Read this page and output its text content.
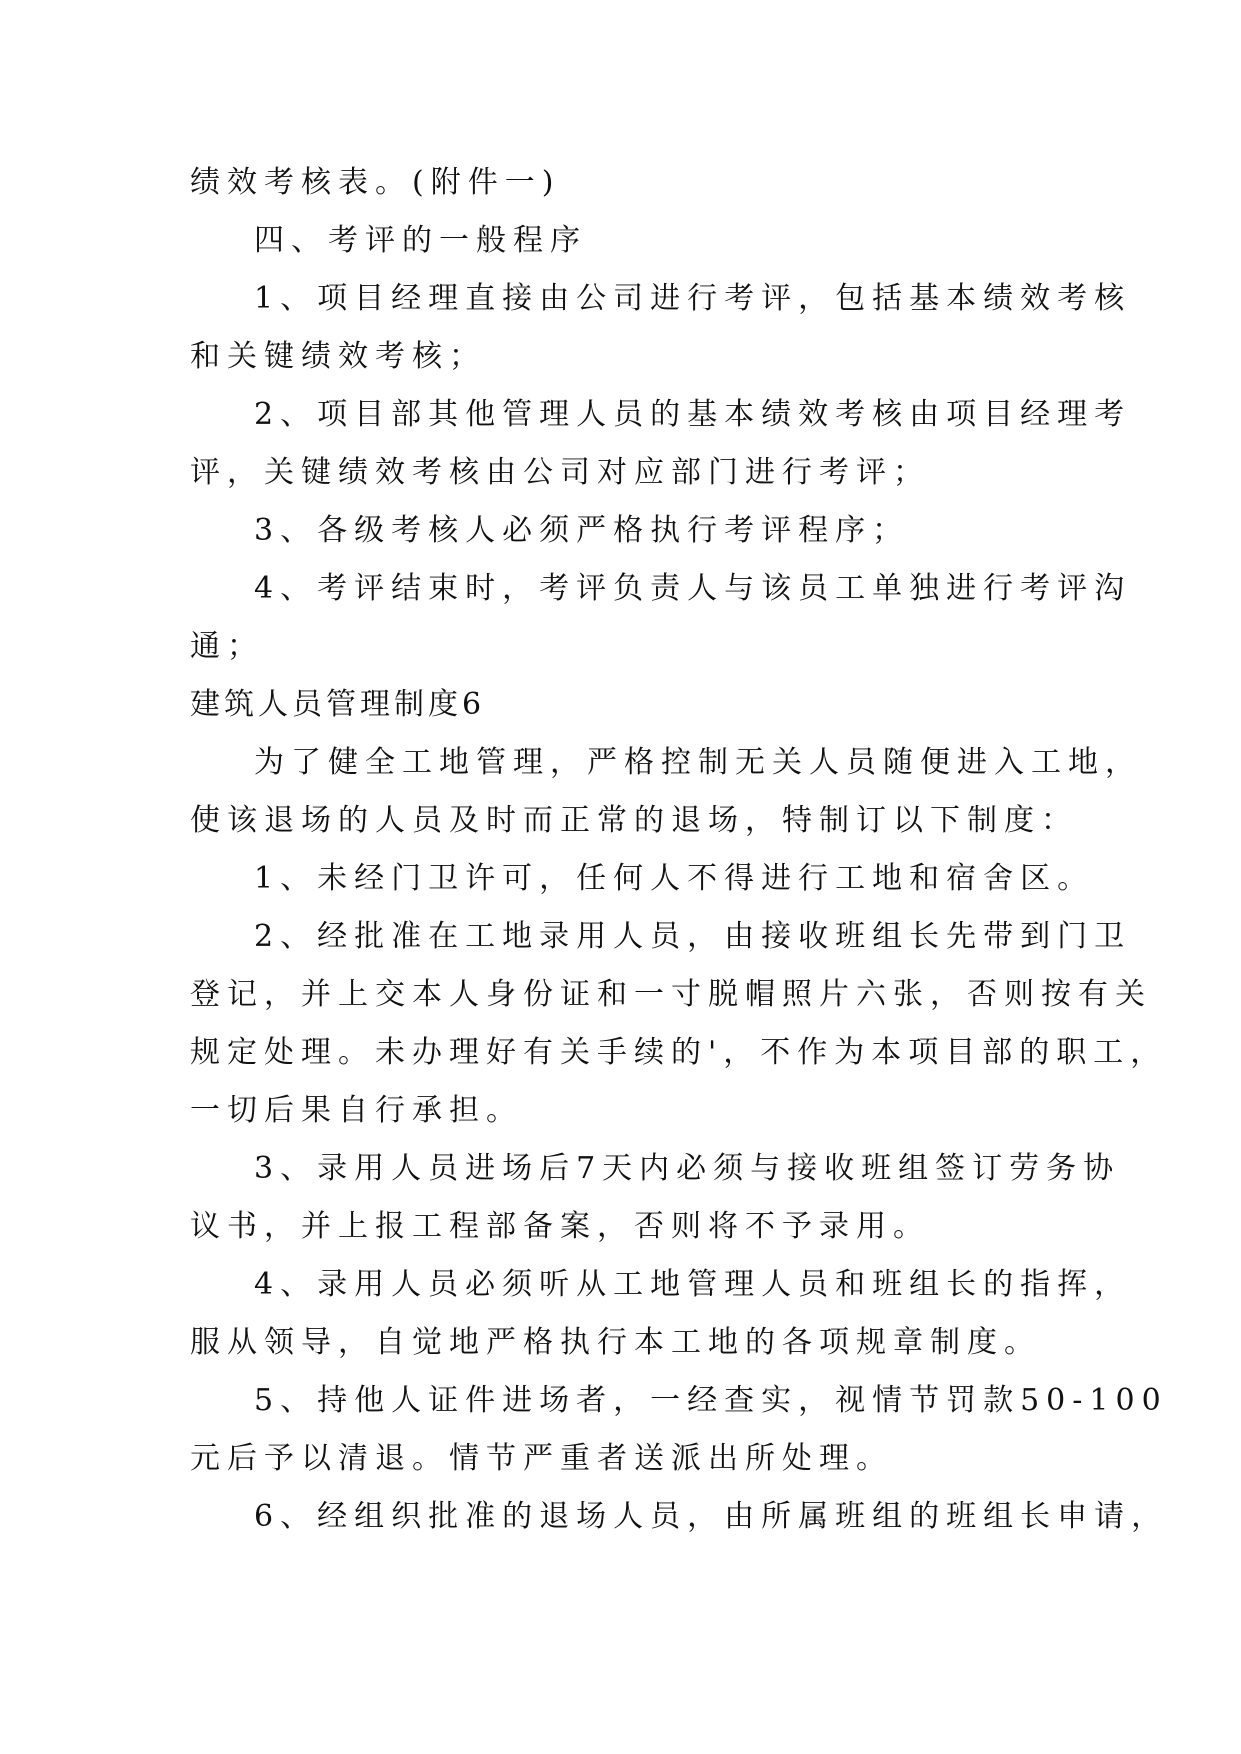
绩效考核表。(附件一)
四、考评的一般程序
1、项目经理直接由公司进行考评，包括基本绩效考核
和关键绩效考核；
2、项目部其他管理人员的基本绩效考核由项目经理考
评，关键绩效考核由公司对应部门进行考评；
3、各级考核人必须严格执行考评程序；
4、考评结束时，考评负责人与该员工单独进行考评沟
通；
建筑人员管理制度6
为了健全工地管理，严格控制无关人员随便进入工地，
使该退场的人员及时而正常的退场，特制订以下制度：
1、未经门卫许可，任何人不得进行工地和宿舍区。
2、经批准在工地录用人员，由接收班组长先带到门卫
登记，并上交本人身份证和一寸脱帽照片六张，否则按有关
规定处理。未办理好有关手续的'，不作为本项目部的职工，
一切后果自行承担。
3、录用人员进场后7天内必须与接收班组签订劳务协
议书，并上报工程部备案，否则将不予录用。
4、录用人员必须听从工地管理人员和班组长的指挥，
服从领导，自觉地严格执行本工地的各项规章制度。
5、持他人证件进场者，一经查实，视情节罚款50-100
元后予以清退。情节严重者送派出所处理。
6、经组织批准的退场人员，由所属班组的班组长申请，
